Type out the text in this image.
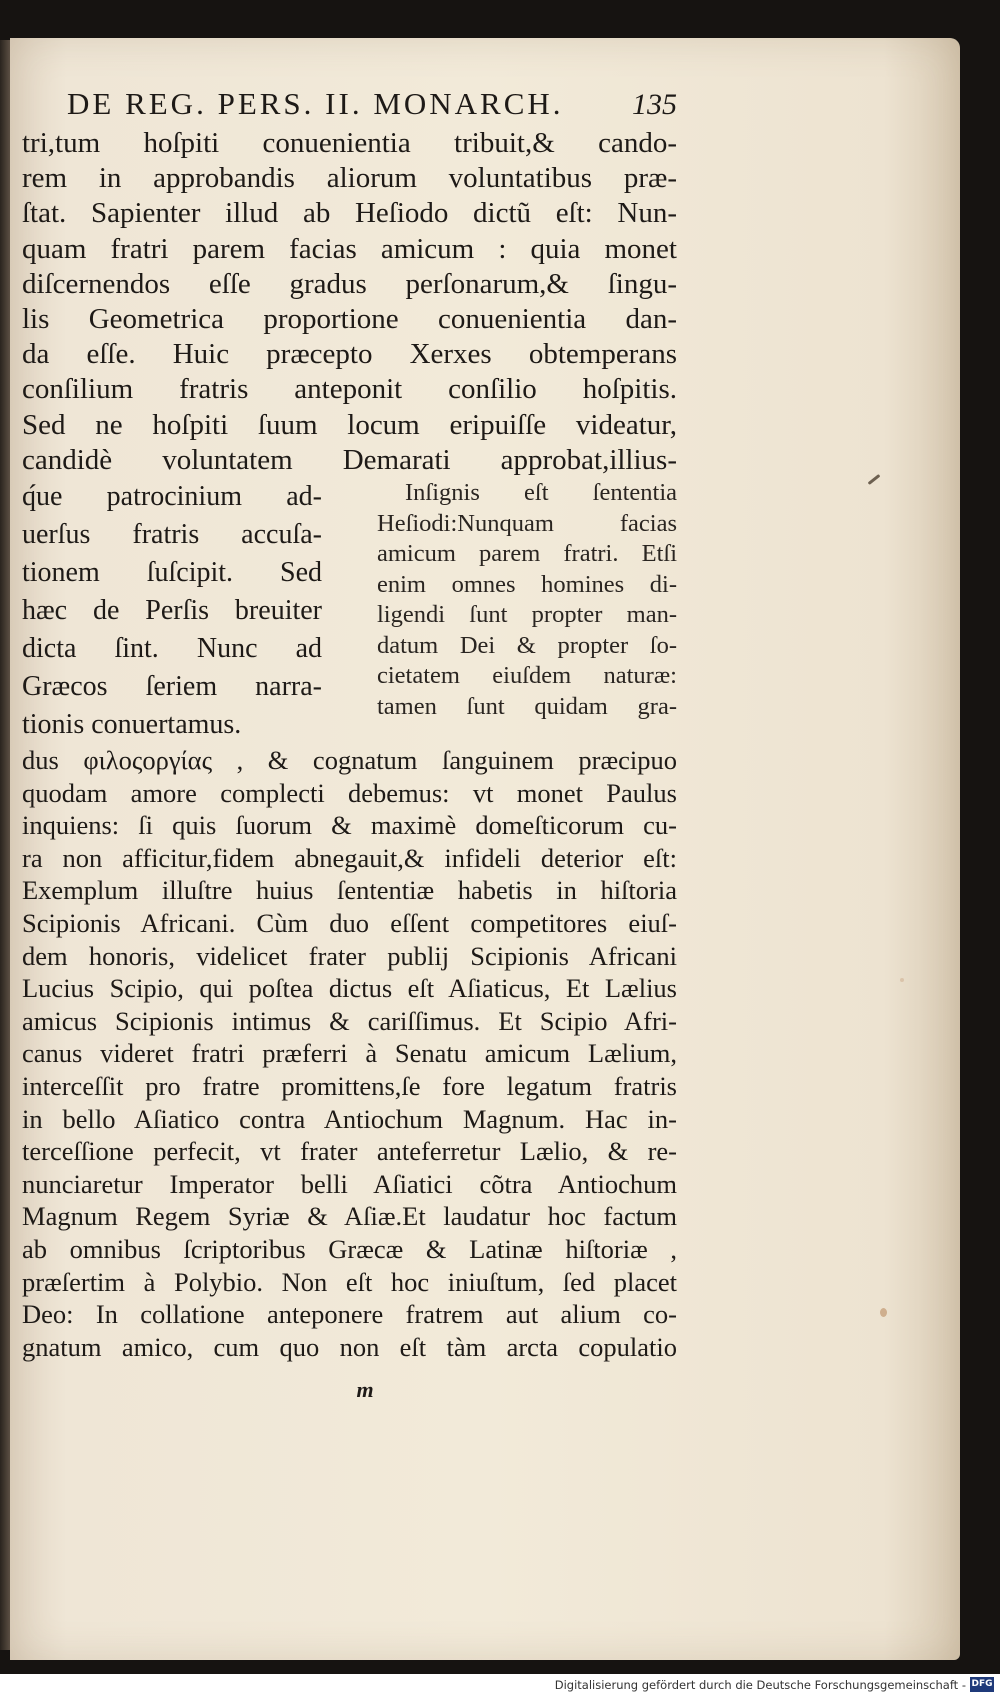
DE REG. PERS. II. MONARCH. 135
tri,tum hoſpiti conuenientia tribuit,& cando-
rem in approbandis aliorum voluntatibus præ-
ſtat. Sapienter illud ab Heſiodo dictũ eſt: Nun-
quam fratri parem facias amicum : quia monet
diſcernendos eſſe gradus perſonarum,& ſingu-
lis Geometrica proportione conuenientia dan-
da eſſe. Huic præcepto Xerxes obtemperans
conſilium fratris anteponit conſilio hoſpitis.
Sed ne hoſpiti ſuum locum eripuiſſe videatur,
candidè voluntatem Demarati approbat,illius-
q́ue patrocinium ad-
uerſus fratris accuſa-
tionem ſuſcipit. Sed
hæc de Perſis breuiter
dicta ſint. Nunc ad
Græcos ſeriem narra-
tionis conuertamus.
Inſignis eſt ſententia
Heſiodi:Nunquam facias
amicum parem fratri. Etſi
enim omnes homines di-
ligendi ſunt propter man-
datum Dei & propter ſo-
cietatem eiuſdem naturæ:
tamen ſunt quidam gra-
dus φιλοςοργίας , & cognatum ſanguinem præcipuo
quodam amore complecti debemus: vt monet Paulus
inquiens: ſi quis ſuorum & maximè domeſticorum cu-
ra non afficitur,fidem abnegauit,& infideli deterior eſt:
Exemplum illuſtre huius ſententiæ habetis in hiſtoria
Scipionis Africani. Cùm duo eſſent competitores eiuſ-
dem honoris, videlicet frater publij Scipionis Africani
Lucius Scipio, qui poſtea dictus eſt Aſiaticus, Et Lælius
amicus Scipionis intimus & cariſſimus. Et Scipio Afri-
canus videret fratri præferri à Senatu amicum Lælium,
interceſſit pro fratre promittens,ſe fore legatum fratris
in bello Aſiatico contra Antiochum Magnum. Hac in-
terceſſione perfecit, vt frater anteferretur Lælio, & re-
nunciaretur Imperator belli Aſiatici cõtra Antiochum
Magnum Regem Syriæ & Aſiæ.Et laudatur hoc factum
ab omnibus ſcriptoribus Græcæ & Latinæ hiſtoriæ ,
præſertim à Polybio. Non eſt hoc iniuſtum, ſed placet
Deo: In collatione anteponere fratrem aut alium co-
gnatum amico, cum quo non eſt tàm arcta copulatio
m
Digitalisierung gefördert durch die Deutsche Forschungsgemeinschaft - DFG
